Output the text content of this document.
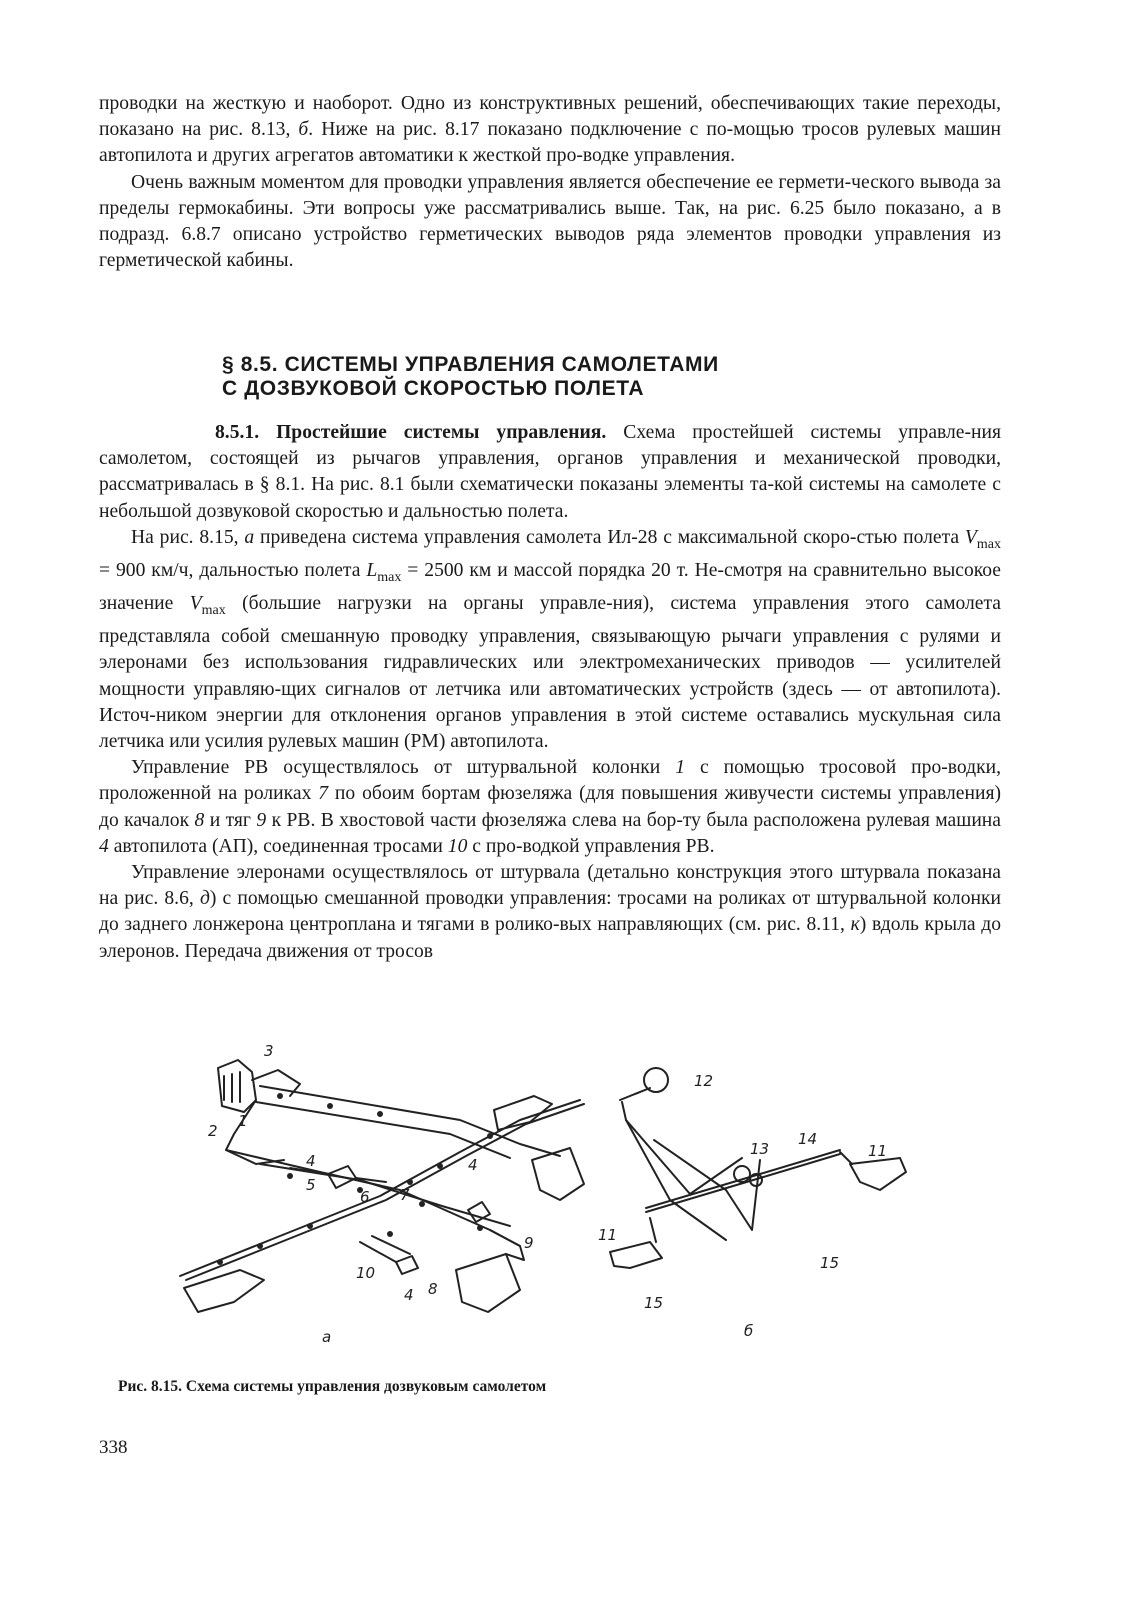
проводки на жесткую и наоборот. Одно из конструктивных решений, обеспечивающих такие переходы, показано на рис. 8.13, б. Ниже на рис. 8.17 показано подключение с по-мощью тросов рулевых машин автопилота и других агрегатов автоматики к жесткой про-водке управления.

Очень важным моментом для проводки управления является обеспечение ее гермети-ческого вывода за пределы гермокабины. Эти вопросы уже рассматривались выше. Так, на рис. 6.25 было показано, а в подразд. 6.8.7 описано устройство герметических выводов ряда элементов проводки управления из герметической кабины.

§ 8.5. СИСТЕМЫ УПРАВЛЕНИЯ САМОЛЕТАМИ
С ДОЗВУКОВОЙ СКОРОСТЬЮ ПОЛЕТА

8.5.1. Простейшие системы управления. Схема простейшей системы управле-ния самолетом, состоящей из рычагов управления, органов управления и механической проводки, рассматривалась в § 8.1. На рис. 8.1 были схематически показаны элементы та-кой системы на самолете с небольшой дозвуковой скоростью и дальностью полета.

На рис. 8.15, а приведена система управления самолета Ил-28 с максимальной скоро-стью полета $V_{max} = 900$ км/ч, дальностью полета $L_{max} = 2500$ км и массой порядка 20 т. Не-смотря на сравнительно высокое значение $V_{max}$ (большие нагрузки на органы управле-ния), система управления этого самолета представляла собой смешанную проводку управления, связывающую рычаги управления с рулями и элеронами без использования гидравлических или электромеханических приводов — усилителей мощности управляю-щих сигналов от летчика или автоматических устройств (здесь — от автопилота). Источ-ником энергии для отклонения органов управления в этой системе оставались мускульная сила летчика или усилия рулевых машин (РМ) автопилота.

Управление РВ осуществлялось от штурвальной колонки 1 с помощью тросовой про-водки, проложенной на роликах 7 по обоим бортам фюзеляжа (для повышения живучести системы управления) до качалок 8 и тяг 9 к РВ. В хвостовой части фюзеляжа слева на бор-ту была расположена рулевая машина 4 автопилота (АП), соединенная тросами 10 с про-водкой управления РВ.

Управление элеронами осуществлялось от штурвала (детально конструкция этого штурвала показана на рис. 8.6, д) с помощью смешанной проводки управления: тросами на роликах от штурвальной колонки до заднего лонжерона центроплана и тягами в ролико-вых направляющих (см. рис. 8.11, к) вдоль крыла до элеронов. Передача движения от тросов

3
2
1
4
5
6 7
4
9
10
4 8
а
12
13
14
11
11
15
15
б
Рис. 8.15. Схема системы управления дозвуковым самолетом
338
